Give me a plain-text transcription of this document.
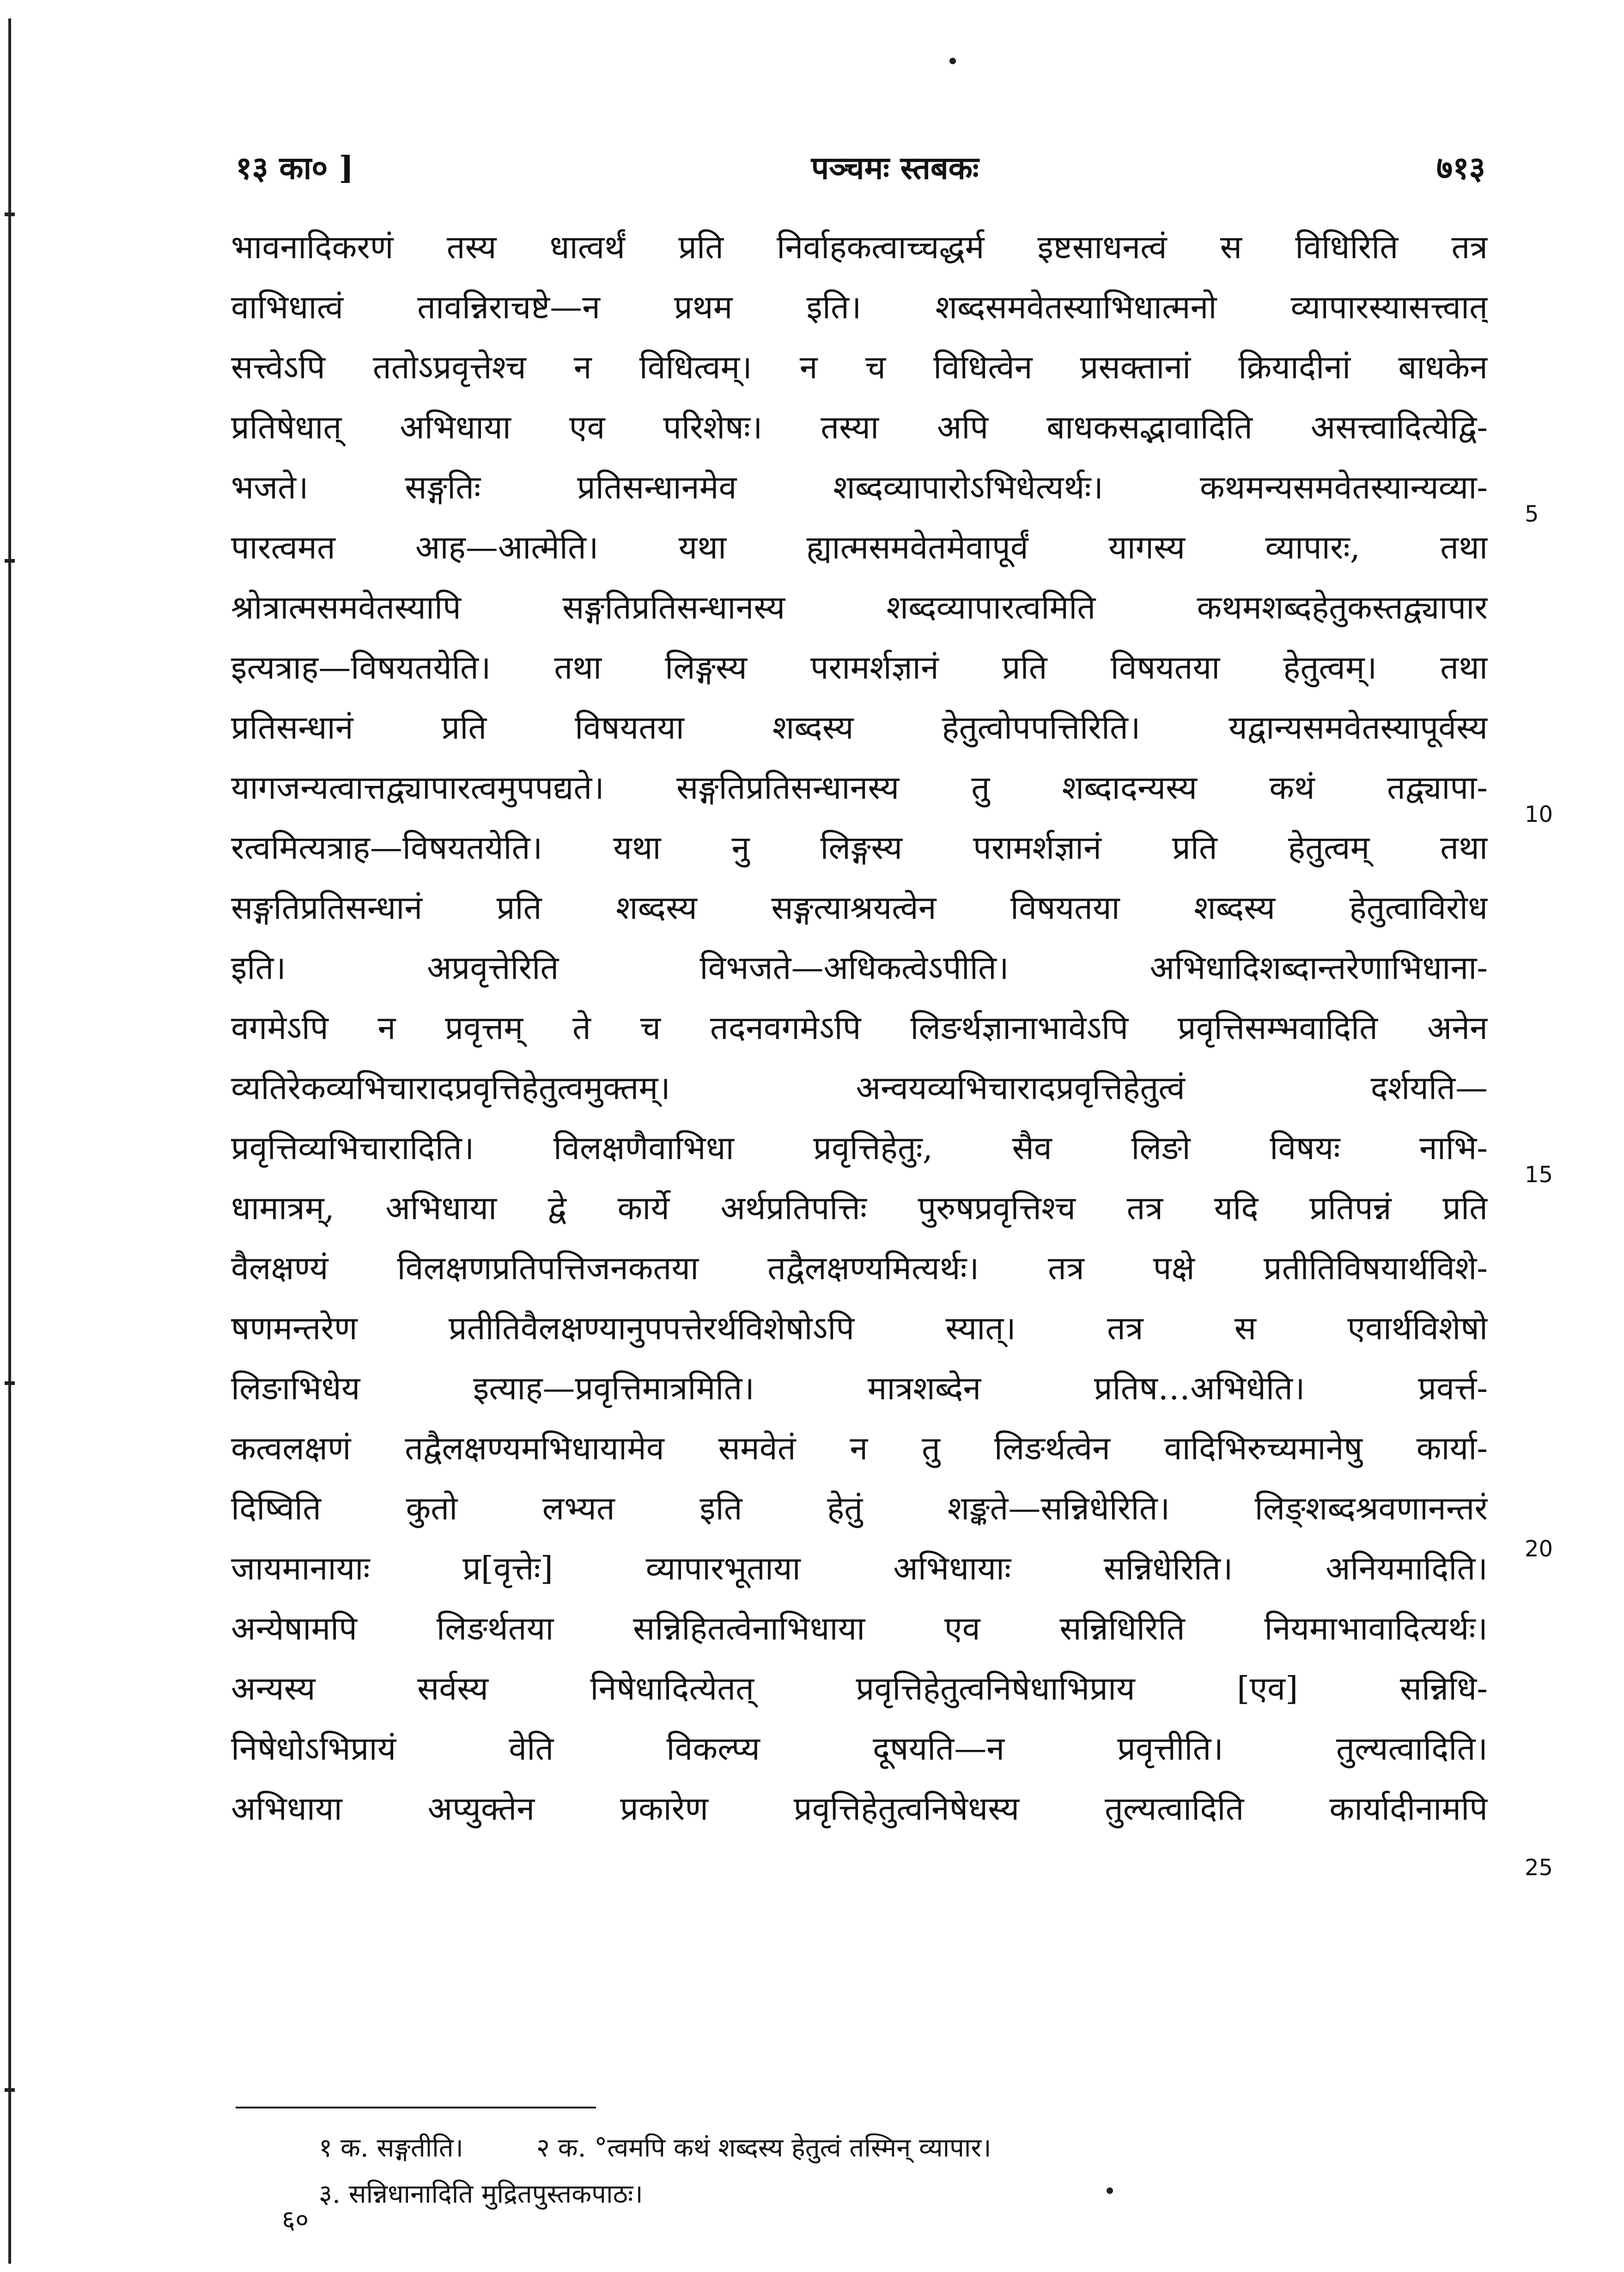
१३ का० ]	पञ्चमः स्तबकः	७१३
भावनादिकरणं तस्य धात्वर्थं प्रति निर्वाहकत्वाच्चद्धर्म इष्टसाधनत्वं स विधिरिति तत्र
वाभिधात्वं तावन्निराचष्टे—न प्रथम इति। शब्दसमवेतस्याभिधात्मनो व्यापारस्यासत्त्वात्
सत्त्वेऽपि ततोऽप्रवृत्तेश्च न विधित्वम्। न च विधित्वेन प्रसक्तानां क्रियादीनां बाधकेन
प्रतिषेधात् अभिधाया एव परिशेषः। तस्या अपि बाधकसद्भावादिति असत्त्वादित्येद्वि-
भजते। सङ्गतिः प्रतिसन्धानमेव शब्दव्यापारोऽभिधेत्यर्थः। कथमन्यसमवेतस्यान्यव्या-
पारत्वमत आह—आत्मेति। यथा ह्यात्मसमवेतमेवापूर्वं यागस्य व्यापारः, तथा
श्रोत्रात्मसमवेतस्यापि सङ्गतिप्रतिसन्धानस्य शब्दव्यापारत्वमिति कथमशब्दहेतुकस्तद्व्यापार
इत्यत्राह—विषयतयेति। तथा लिङ्गस्य परामर्शज्ञानं प्रति विषयतया हेतुत्वम्। तथा
प्रतिसन्धानं प्रति विषयतया शब्दस्य हेतुत्वोपपत्तिरिति। यद्वान्यसमवेतस्यापूर्वस्य
यागजन्यत्वात्तद्व्यापारत्वमुपपद्यते। सङ्गतिप्रतिसन्धानस्य तु शब्दादन्यस्य कथं तद्व्यापा-
रत्वमित्यत्राह—विषयतयेति। यथा नु लिङ्गस्य परामर्शज्ञानं प्रति हेतुत्वम् तथा
सङ्गतिप्रतिसन्धानं प्रति शब्दस्य सङ्गत्याश्रयत्वेन विषयतया शब्दस्य हेतुत्वाविरोध
इति। अप्रवृत्तेरिति विभजते—अधिकत्वेऽपीति। अभिधादिशब्दान्तरेणाभिधाना-
वगमेऽपि न प्रवृत्तम् ते च तदनवगमेऽपि लिङर्थज्ञानाभावेऽपि प्रवृत्तिसम्भवादिति अनेन
व्यतिरेकव्यभिचारादप्रवृत्तिहेतुत्वमुक्तम्। अन्वयव्यभिचारादप्रवृत्तिहेतुत्वं दर्शयति—
प्रवृत्तिव्यभिचारादिति। विलक्षणैवाभिधा प्रवृत्तिहेतुः, सैव लिङो विषयः नाभि-
धामात्रम्, अभिधाया द्वे कार्ये अर्थप्रतिपत्तिः पुरुषप्रवृत्तिश्च तत्र यदि प्रतिपन्नं प्रति
वैलक्षण्यं विलक्षणप्रतिपत्तिजनकतया तद्वैलक्षण्यमित्यर्थः। तत्र पक्षे प्रतीतिविषयार्थविशे-
षणमन्तरेण प्रतीतिवैलक्षण्यानुपपत्तेरर्थविशेषोऽपि स्यात्। तत्र स एवार्थविशेषो
लिङाभिधेय इत्याह—प्रवृत्तिमात्रमिति। मात्रशब्देन प्रतिष…अभिधेति। प्रवर्त्त-
कत्वलक्षणं तद्वैलक्षण्यमभिधायामेव समवेतं न तु लिङर्थत्वेन वादिभिरुच्यमानेषु कार्या-
दिष्विति कुतो लभ्यत इति हेतुं शङ्कते—सन्निधेरिति। लिङ्शब्दश्रवणानन्तरं
जायमानायाः प्र[वृत्तेः] व्यापारभूताया अभिधायाः सन्निधेरिति। अनियमादिति।
अन्येषामपि लिङर्थतया सन्निहितत्वेनाभिधाया एव सन्निधिरिति नियमाभावादित्यर्थः।
अन्यस्य सर्वस्य निषेधादित्येतत् प्रवृत्तिहेतुत्वनिषेधाभिप्राय [एव] सन्निधि-
निषेधोऽभिप्रायं वेति विकल्प्य दूषयति—न प्रवृत्तीति। तुल्यत्वादिति।
अभिधाया अप्युक्तेन प्रकारेण प्रवृत्तिहेतुत्वनिषेधस्य तुल्यत्वादिति कार्यादीनामपि
5
10
15
20
25
१ क. सङ्गतीति।	२ क. °त्वमपि कथं शब्दस्य हेतुत्वं तस्मिन् व्यापार।
३. सन्निधानादिति मुद्रितपुस्तकपाठः।
६०
